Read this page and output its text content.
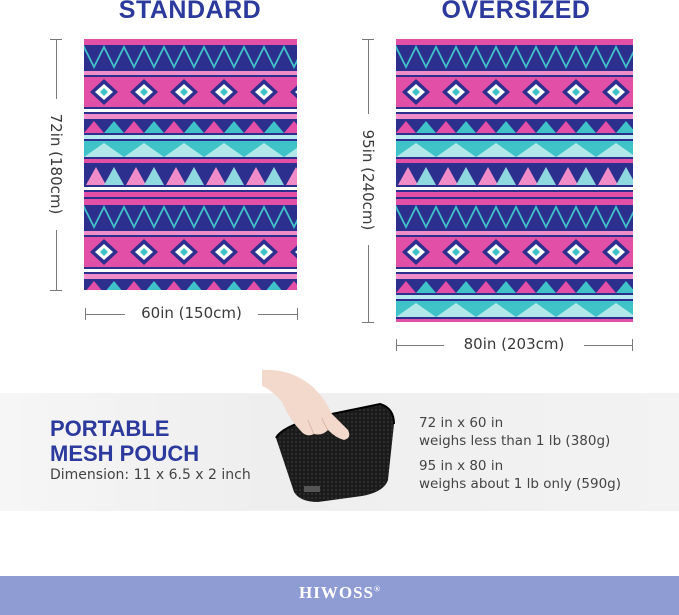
STANDARD
72in (180cm)
60in (150cm)
OVERSIZED
95in (240cm)
80in (203cm)
PORTABLE
MESH POUCH
Dimension: 11 x 6.5 x 2 inch
72 in x 60 in
weighs less than 1 lb (380g)
95 in x 80 in
weighs about 1 lb only (590g)
HIWOSS®
